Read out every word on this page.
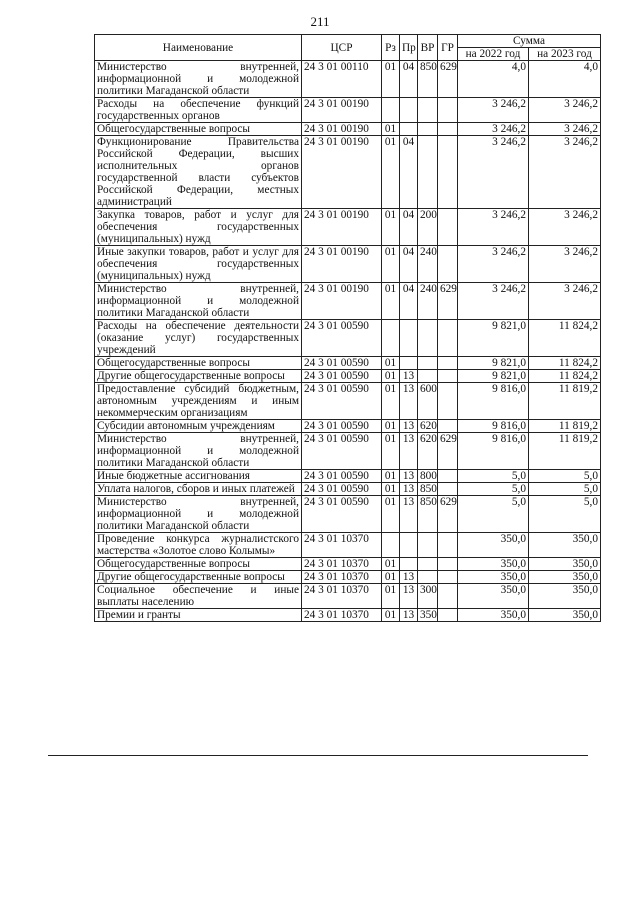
211
Наименование	ЦСР	Рз	Пр	ВР	ГР	Сумма	
						на 2022 год	на 2023 год
Министерство внутренней, информационной и молодежной политики Магаданской области	24 3 01 00110	01	04	850	629	4,0	4,0
Расходы на обеспечение функций государственных органов	24 3 01 00190					3 246,2	3 246,2
Общегосударственные вопросы	24 3 01 00190	01				3 246,2	3 246,2
Функционирование Правительства Российской Федерации, высших исполнительных органов государственной власти субъектов Российской Федерации, местных администраций	24 3 01 00190	01	04			3 246,2	3 246,2
Закупка товаров, работ и услуг для обеспечения государственных (муниципальных) нужд	24 3 01 00190	01	04	200		3 246,2	3 246,2
Иные закупки товаров, работ и услуг для обеспечения государственных (муниципальных) нужд	24 3 01 00190	01	04	240		3 246,2	3 246,2
Министерство внутренней, информационной и молодежной политики Магаданской области	24 3 01 00190	01	04	240	629	3 246,2	3 246,2
Расходы на обеспечение деятельности (оказание услуг) государственных учреждений	24 3 01 00590					9 821,0	11 824,2
Общегосударственные вопросы	24 3 01 00590	01				9 821,0	11 824,2
Другие общегосударственные вопросы	24 3 01 00590	01	13			9 821,0	11 824,2
Предоставление субсидий бюджетным, автономным учреждениям и иным некоммерческим организациям	24 3 01 00590	01	13	600		9 816,0	11 819,2
Субсидии автономным учреждениям	24 3 01 00590	01	13	620		9 816,0	11 819,2
Министерство внутренней, информационной и молодежной политики Магаданской области	24 3 01 00590	01	13	620	629	9 816,0	11 819,2
Иные бюджетные ассигнования	24 3 01 00590	01	13	800		5,0	5,0
Уплата налогов, сборов и иных платежей	24 3 01 00590	01	13	850		5,0	5,0
Министерство внутренней, информационной и молодежной политики Магаданской области	24 3 01 00590	01	13	850	629	5,0	5,0
Проведение конкурса журналистского мастерства «Золотое слово Колымы»	24 3 01 10370					350,0	350,0
Общегосударственные вопросы	24 3 01 10370	01				350,0	350,0
Другие общегосударственные вопросы	24 3 01 10370	01	13			350,0	350,0
Социальное обеспечение и иные выплаты населению	24 3 01 10370	01	13	300		350,0	350,0
Премии и гранты	24 3 01 10370	01	13	350		350,0	350,0
